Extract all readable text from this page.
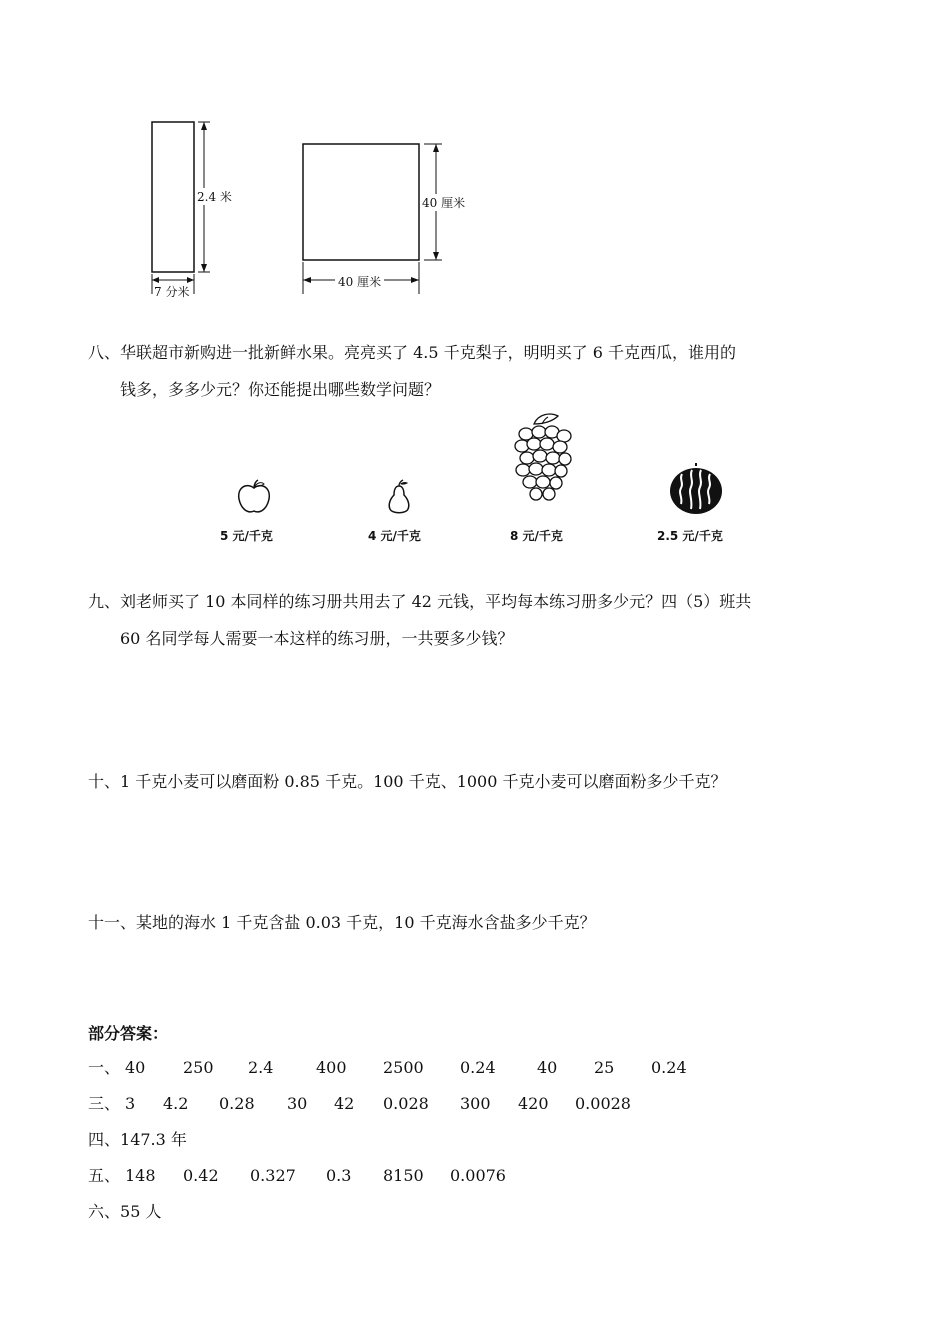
2.4 米
7 分米
40 厘米
40 厘米
八、华联超市新购进一批新鲜水果。亮亮买了 4.5 千克梨子，明明买了 6 千克西瓜，谁用的
钱多，多多少元？你还能提出哪些数学问题？
5 元/千克	4 元/千克	8 元/千克	2.5 元/千克
九、刘老师买了 10 本同样的练习册共用去了 42 元钱，平均每本练习册多少元？四（5）班共
60 名同学每人需要一本这样的练习册，一共要多少钱？
十、1 千克小麦可以磨面粉 0.85 千克。100 千克、1000 千克小麦可以磨面粉多少千克？
十一、某地的海水 1 千克含盐 0.03 千克，10 千克海水含盐多少千克？
部分答案：
一、 40 250 2.4	400 2500 0.24	40 25 0.24
三、 3 4.2 0.28 30 42 0.028 300 420 0.0028
四、147.3 年
五、 148 0.42 0.327 0.3 8150 0.0076
六、55 人
